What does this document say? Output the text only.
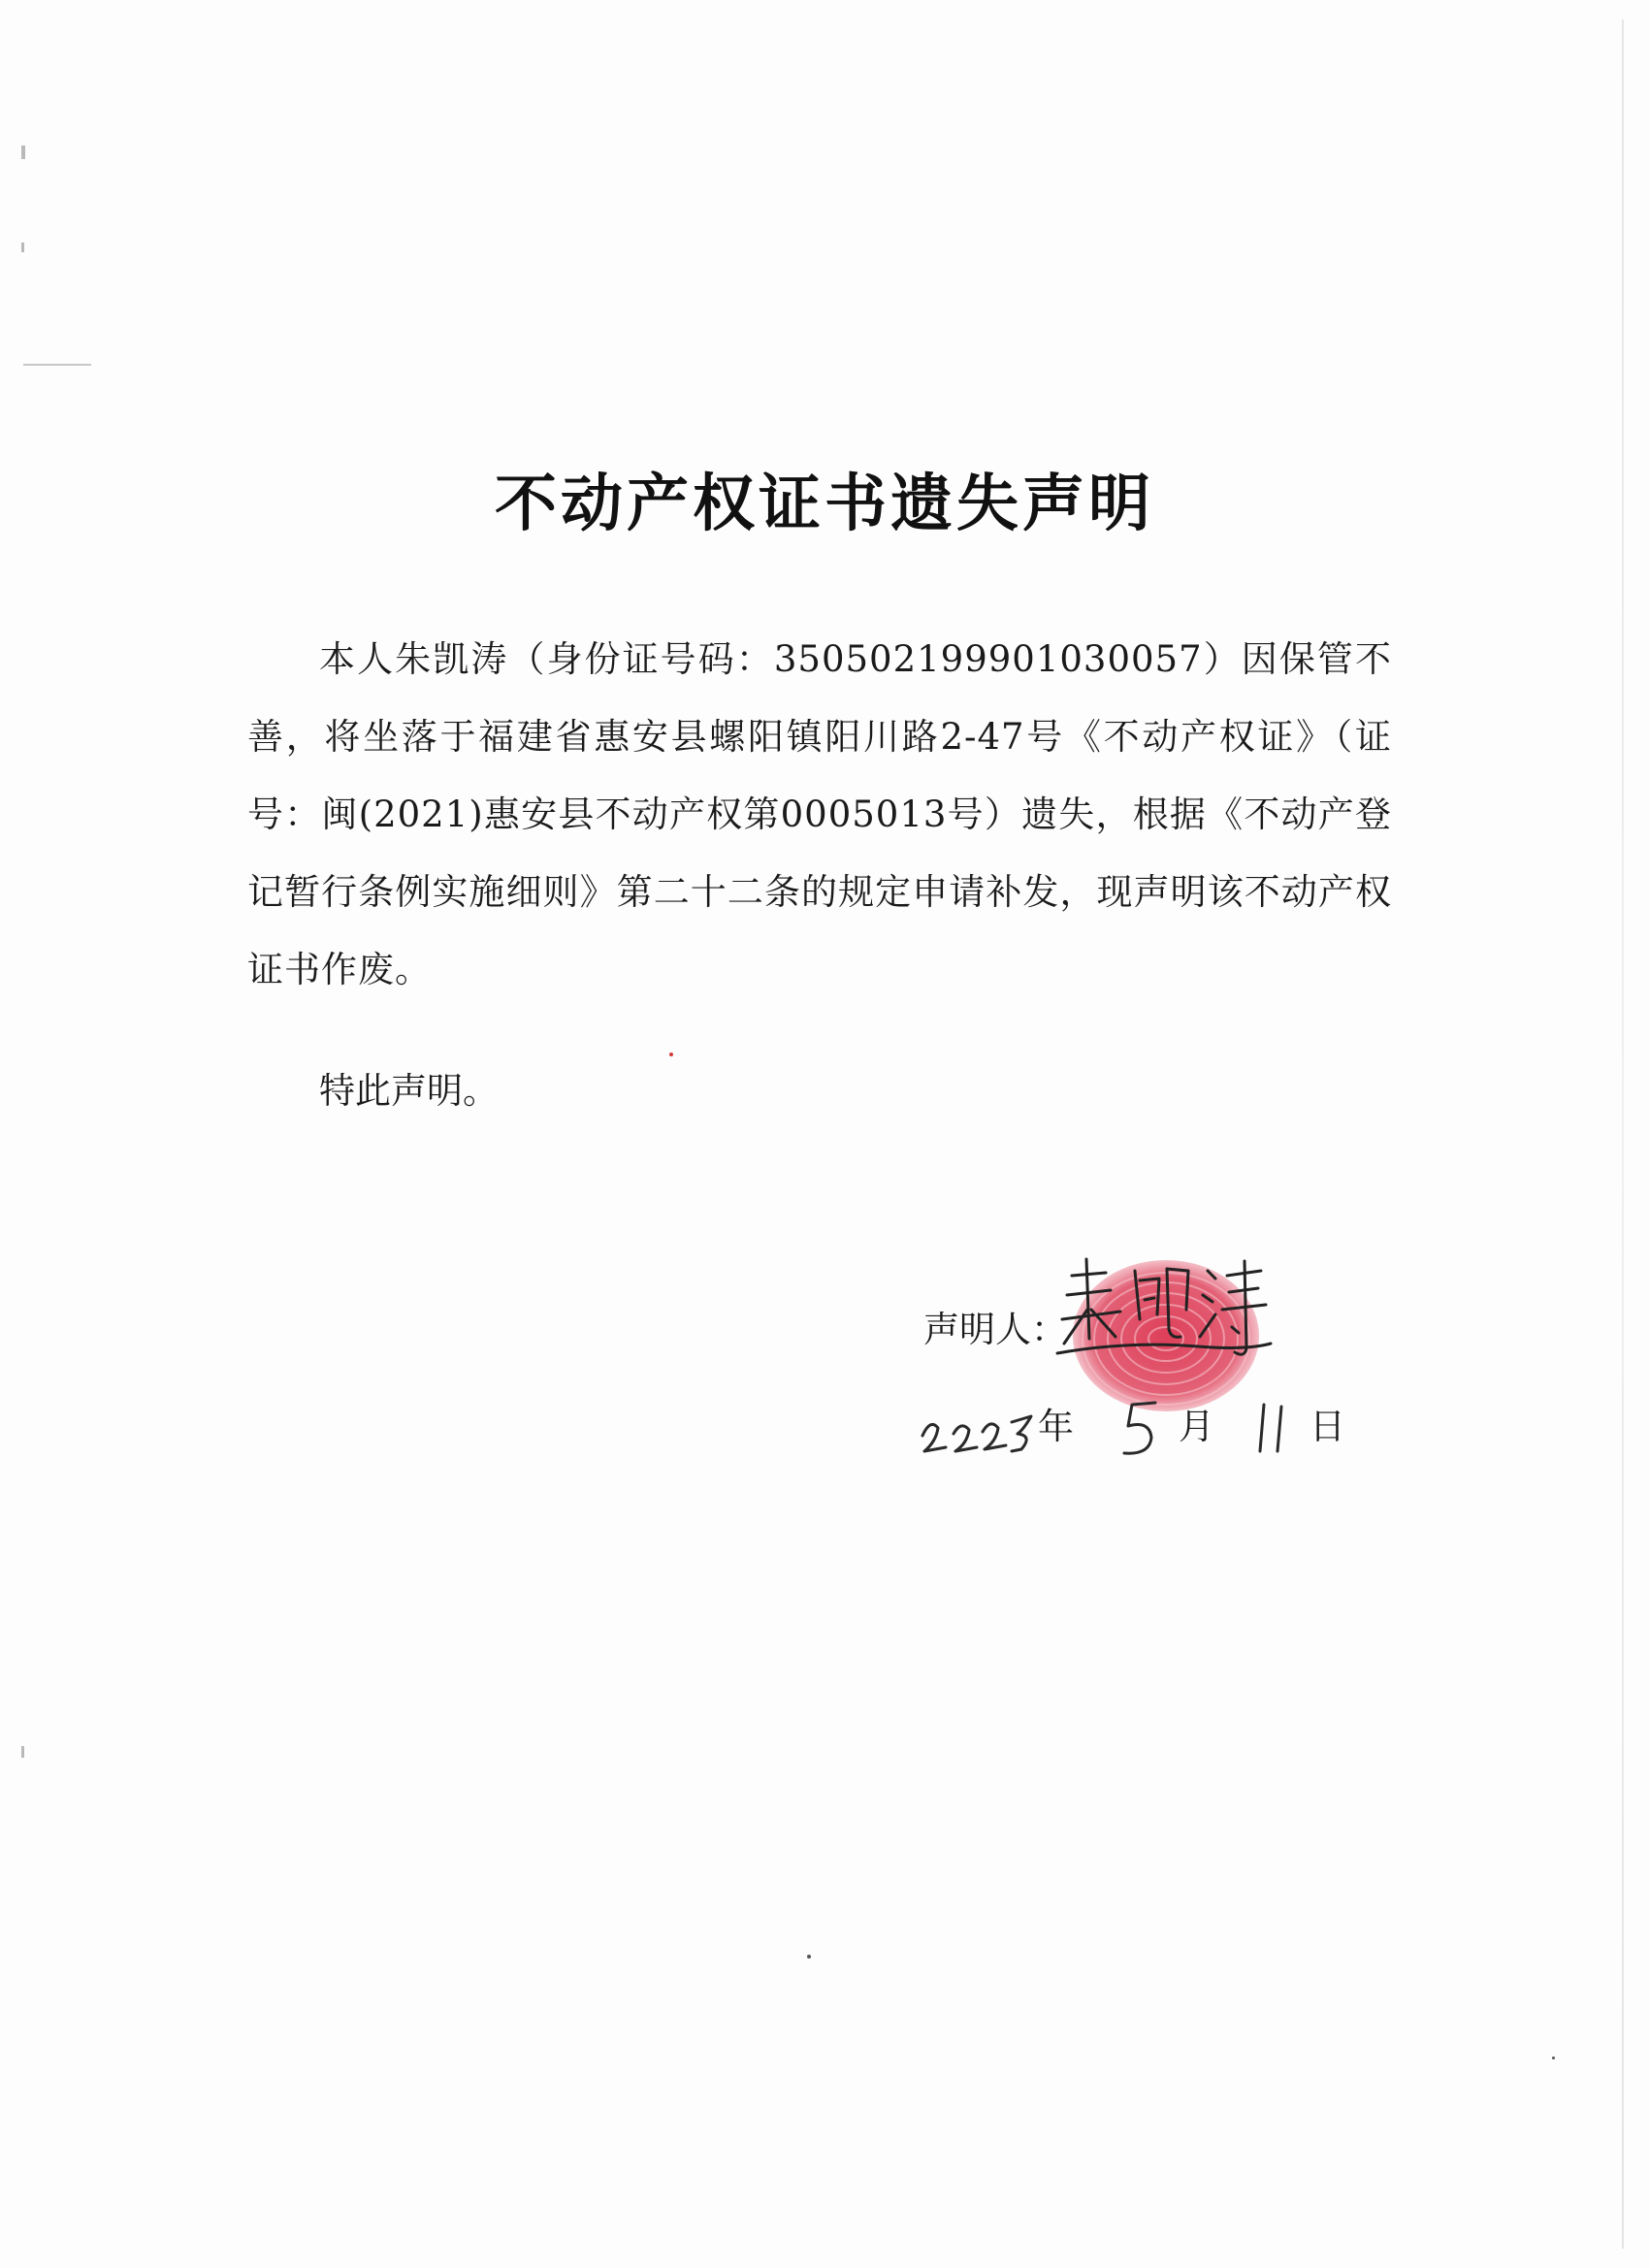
不动产权证书遗失声明

本人朱凯涛（身份证号码：350502199901030057）因保管不善，将坐落于福建省惠安县螺阳镇阳川路2-47号《不动产权证》（证号：闽(2021)惠安县不动产权第0005013号）遗失，根据《不动产登记暂行条例实施细则》第二十二条的规定申请补发，现声明该不动产权证书作废。

特此声明。

声明人：
年	月	日
